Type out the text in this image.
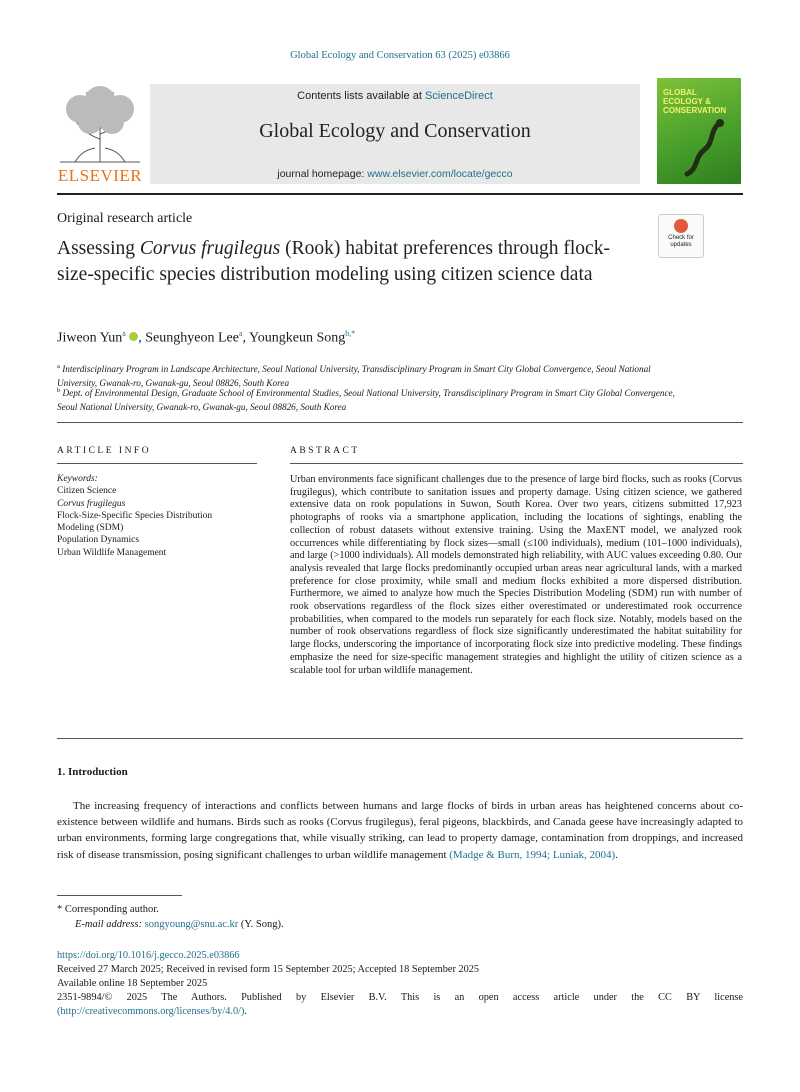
Global Ecology and Conservation 63 (2025) e03866
ELSEVIER
Contents lists available at ScienceDirect
Global Ecology and Conservation
journal homepage: www.elsevier.com/locate/gecco
GLOBAL ECOLOGY & CONSERVATION
Original research article
Assessing Corvus frugilegus (Rook) habitat preferences through flock-size-specific species distribution modeling using citizen science data
Check for updates
Jiweon Yun$^a$ , Seunghyeon Lee$^a$, Youngkeun Song$^{b,*}$
$^a$ Interdisciplinary Program in Landscape Architecture, Seoul National University, Transdisciplinary Program in Smart City Global Convergence, Seoul National University, Gwanak-ro, Gwanak-gu, Seoul 08826, South Korea
$^b$ Dept. of Environmental Design, Graduate School of Environmental Studies, Seoul National University, Transdisciplinary Program in Smart City Global Convergence, Seoul National University, Gwanak-ro, Gwanak-gu, Seoul 08826, South Korea
ARTICLE INFO	ABSTRACT
Keywords:
Citizen Science
Corvus frugilegus
Flock-Size-Specific Species Distribution
Modeling (SDM)
Population Dynamics
Urban Wildlife Management
Urban environments face significant challenges due to the presence of large bird flocks, such as rooks (Corvus frugilegus), which contribute to sanitation issues and property damage. Using citizen science, we gathered extensive data on rook populations in Suwon, South Korea. Over two years, citizens submitted 17,923 photographs of rooks via a smartphone application, including the locations of sightings, enabling the collection of robust datasets without extensive training. Using the MaxENT model, we analyzed rook occurrences while differentiating by flock sizes—small (≤100 individuals), medium (101–1000 individuals), and large (>1000 individuals). All models demonstrated high reliability, with AUC values exceeding 0.80. Our analysis revealed that large flocks predominantly occupied urban areas near agricultural lands, with a marked preference for close proximity, while small and medium flocks exhibited a more dispersed distribution. Furthermore, we aimed to analyze how much the Species Distribution Modeling (SDM) run with number of rook observations regardless of the flock sizes either overestimated or underestimated rook occurrence probabilities, when compared to the models run separately for each flock size. Notably, models based on the number of rook observations regardless of flock size significantly underestimated the habitat suitability for large flocks, underscoring the importance of incorporating flock size into predictive modeling. These findings emphasize the need for size-specific management strategies and highlight the utility of citizen science as a scalable tool for urban wildlife management.
1. Introduction
The increasing frequency of interactions and conflicts between humans and large flocks of birds in urban areas has heightened concerns about co-existence between wildlife and humans. Birds such as rooks (Corvus frugilegus), feral pigeons, blackbirds, and Canada geese have increasingly adapted to urban environments, forming large congregations that, while visually striking, can lead to property damage, contamination from droppings, and increased risk of disease transmission, posing significant challenges to urban wildlife management (Madge & Burn, 1994; Luniak, 2004).
* Corresponding author.
E-mail address: songyoung@snu.ac.kr (Y. Song).
https://doi.org/10.1016/j.gecco.2025.e03866
Received 27 March 2025; Received in revised form 15 September 2025; Accepted 18 September 2025
Available online 18 September 2025
2351-9894/© 2025 The Authors. Published by Elsevier B.V. This is an open access article under the CC BY license
(http://creativecommons.org/licenses/by/4.0/).
